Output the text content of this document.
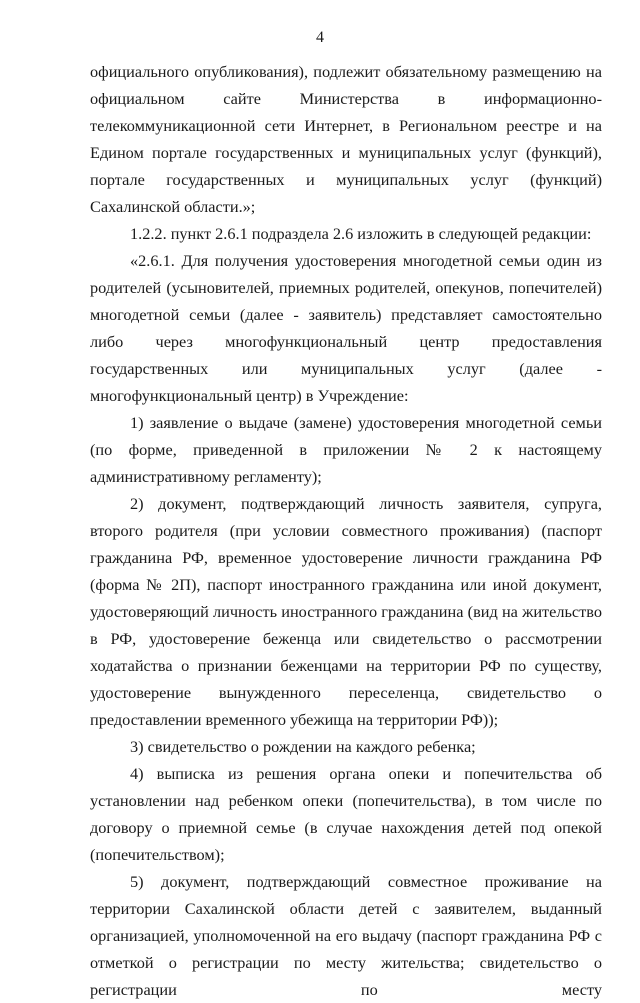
4

официального опубликования), подлежит обязательному размещению на официальном сайте Министерства в информационно-телекоммуникационной сети Интернет, в Региональном реестре и на Едином портале государственных и муниципальных услуг (функций), портале государственных и муниципальных услуг (функций) Сахалинской области.»;

1.2.2. пункт 2.6.1 подраздела 2.6 изложить в следующей редакции:

«2.6.1. Для получения удостоверения многодетной семьи один из родителей (усыновителей, приемных родителей, опекунов, попечителей) многодетной семьи (далее - заявитель) представляет самостоятельно либо через многофункциональный центр предоставления государственных или муниципальных услуг (далее - многофункциональный центр) в Учреждение:

1) заявление о выдаче (замене) удостоверения многодетной семьи (по форме, приведенной в приложении № 2 к настоящему административному регламенту);

2) документ, подтверждающий личность заявителя, супруга, второго родителя (при условии совместного проживания) (паспорт гражданина РФ, временное удостоверение личности гражданина РФ (форма № 2П), паспорт иностранного гражданина или иной документ, удостоверяющий личность иностранного гражданина (вид на жительство в РФ, удостоверение беженца или свидетельство о рассмотрении ходатайства о признании беженцами на территории РФ по существу, удостоверение вынужденного переселенца, свидетельство о предоставлении временного убежища на территории РФ));

3) свидетельство о рождении на каждого ребенка;

4) выписка из решения органа опеки и попечительства об установлении над ребенком опеки (попечительства), в том числе по договору о приемной семье (в случае нахождения детей под опекой (попечительством);

5) документ, подтверждающий совместное проживание на территории Сахалинской области детей с заявителем, выданный организацией, уполномоченной на его выдачу (паспорт гражданина РФ с отметкой о регистрации по месту жительства; свидетельство о регистрации по месту
